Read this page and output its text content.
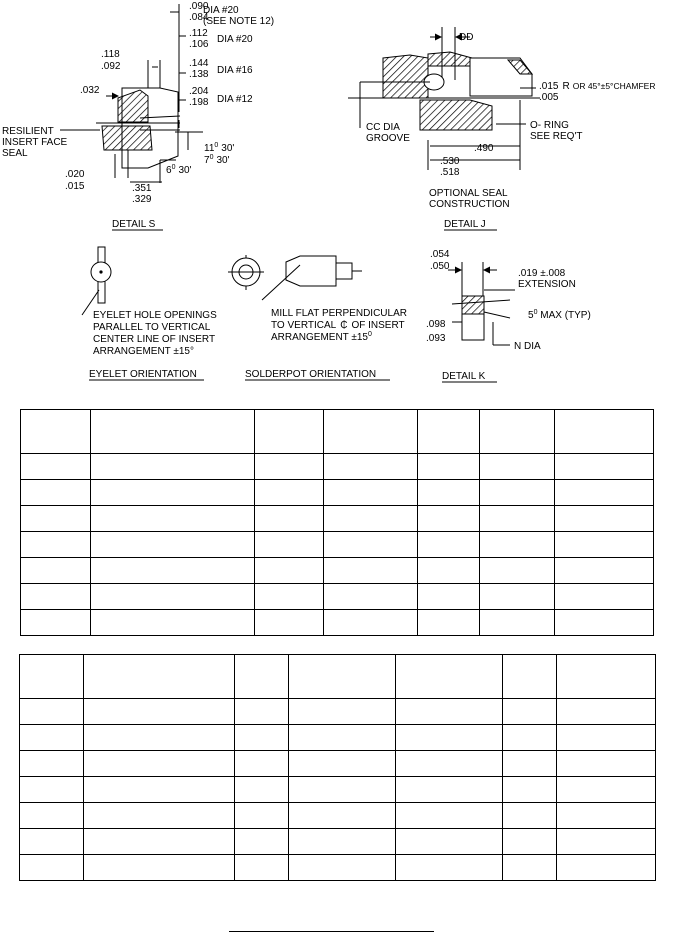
.090
.084
DIA #20
(SEE NOTE 12)
.112
.106 DIA #20
.144
.138 DIA #16
.204
.198 DIA #12
.118
.092
.032
RESILIENT
INSERT FACE
SEAL	$11^0$ 30'
$7^0$ 30'
$6^0$ 30'
.020
.015	.351
.329
DETAIL S
DD
.015 R OR 45°±5°CHAMFER
.005
CC DIA
GROOVE
O- RING
SEE REQ'T
.490
.530
.518
OPTIONAL SEAL
CONSTRUCTION
DETAIL J
EYELET HOLE OPENINGS
PARALLEL TO VERTICAL
CENTER LINE OF INSERT
ARRANGEMENT ±15°
EYELET ORIENTATION
MILL FLAT PERPENDICULAR
TO VERTICAL ₵ OF INSERT
ARRANGEMENT $\pm 15^0$
SOLDERPOT ORIENTATION
.054
.050
.019 ±.008
EXTENSION
$5^0$ MAX (TYP)
.098
.093
N DIA
DETAIL K
